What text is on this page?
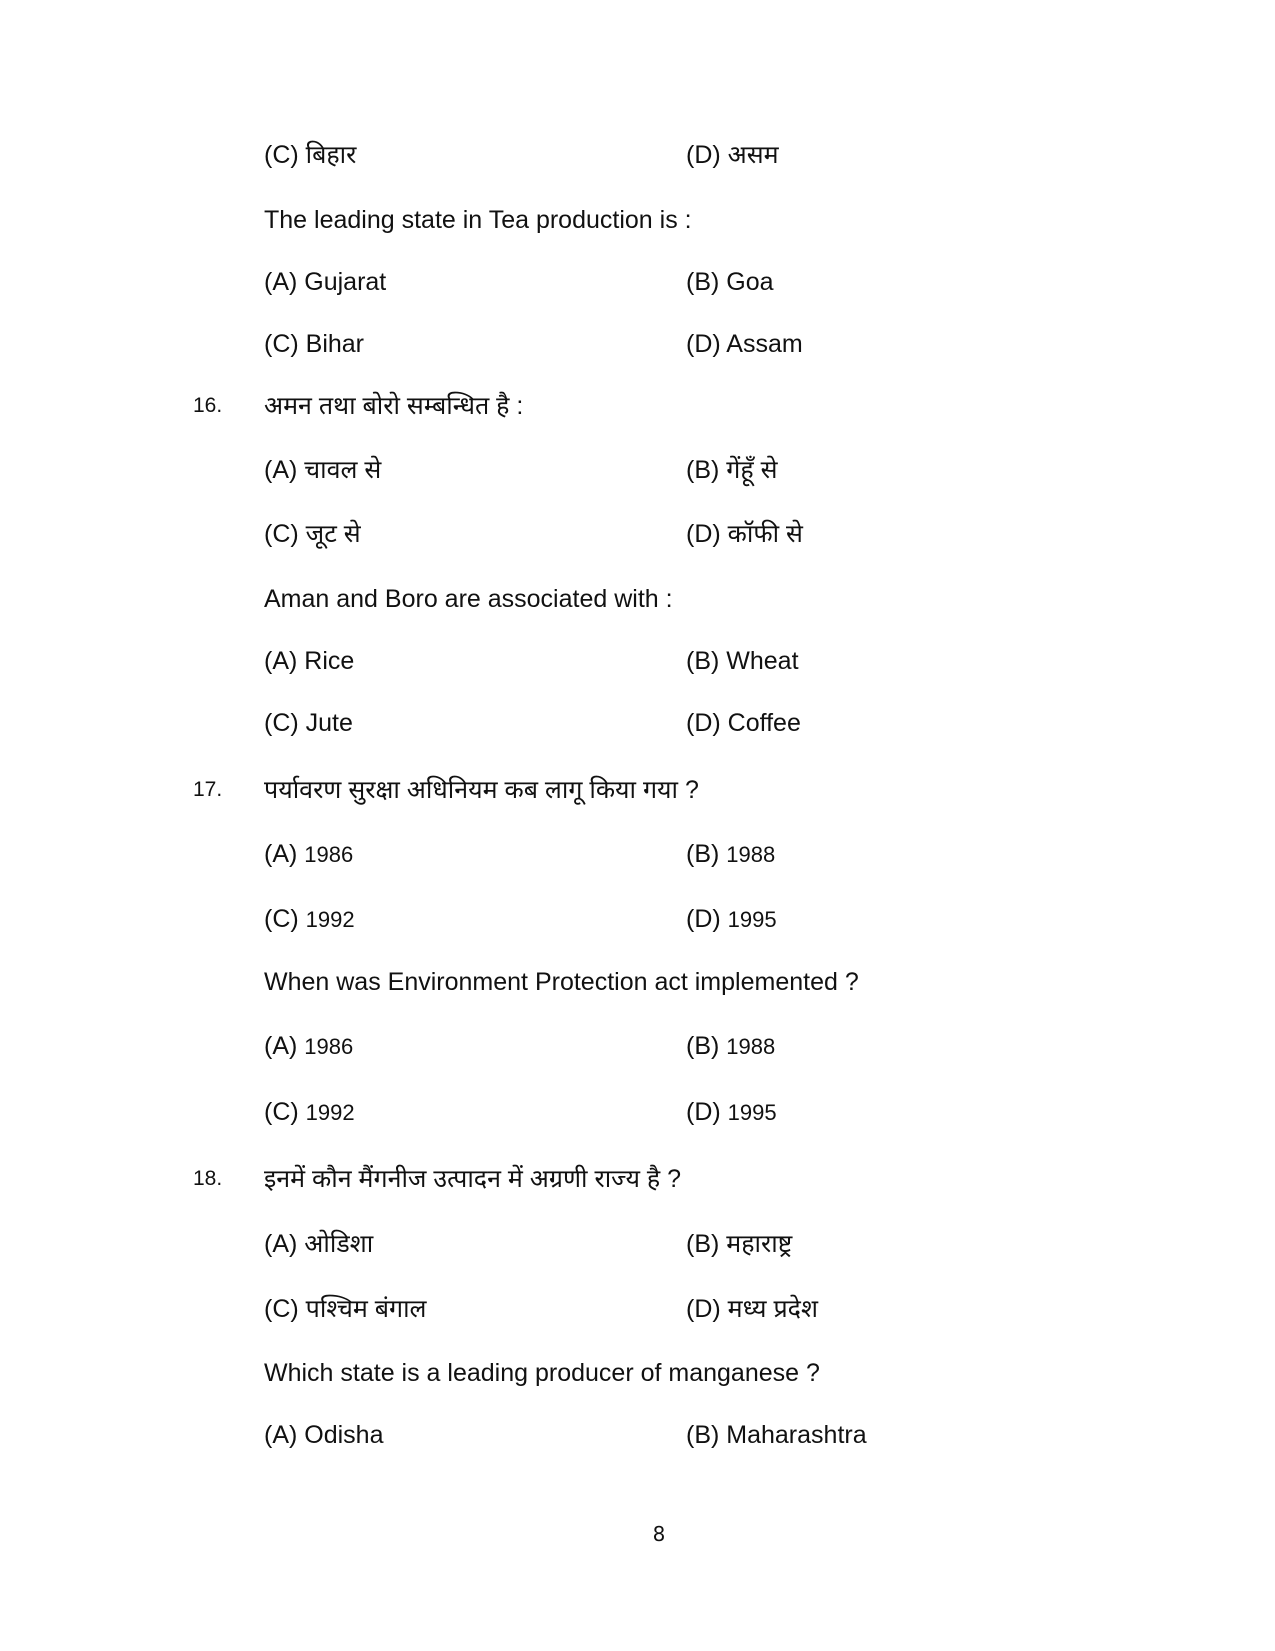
(C) बिहार	(D) असम
The leading state in Tea production is :
(A) Gujarat	(B) Goa
(C) Bihar	(D) Assam
16. अमन तथा बोरो सम्बन्धित है :
(A) चावल से	(B) गेंहूँ से
(C) जूट से	(D) कॉफी से
Aman and Boro are associated with :
(A) Rice	(B) Wheat
(C) Jute	(D) Coffee
17. पर्यावरण सुरक्षा अधिनियम कब लागू किया गया ?
(A) 1986	(B) 1988
(C) 1992	(D) 1995
When was Environment Protection act implemented ?
(A) 1986	(B) 1988
(C) 1992	(D) 1995
18. इनमें कौन मैंगनीज उत्पादन में अग्रणी राज्य है ?
(A) ओडिशा	(B) महाराष्ट्र
(C) पश्चिम बंगाल	(D) मध्य प्रदेश
Which state is a leading producer of manganese ?
(A) Odisha	(B) Maharashtra
8
